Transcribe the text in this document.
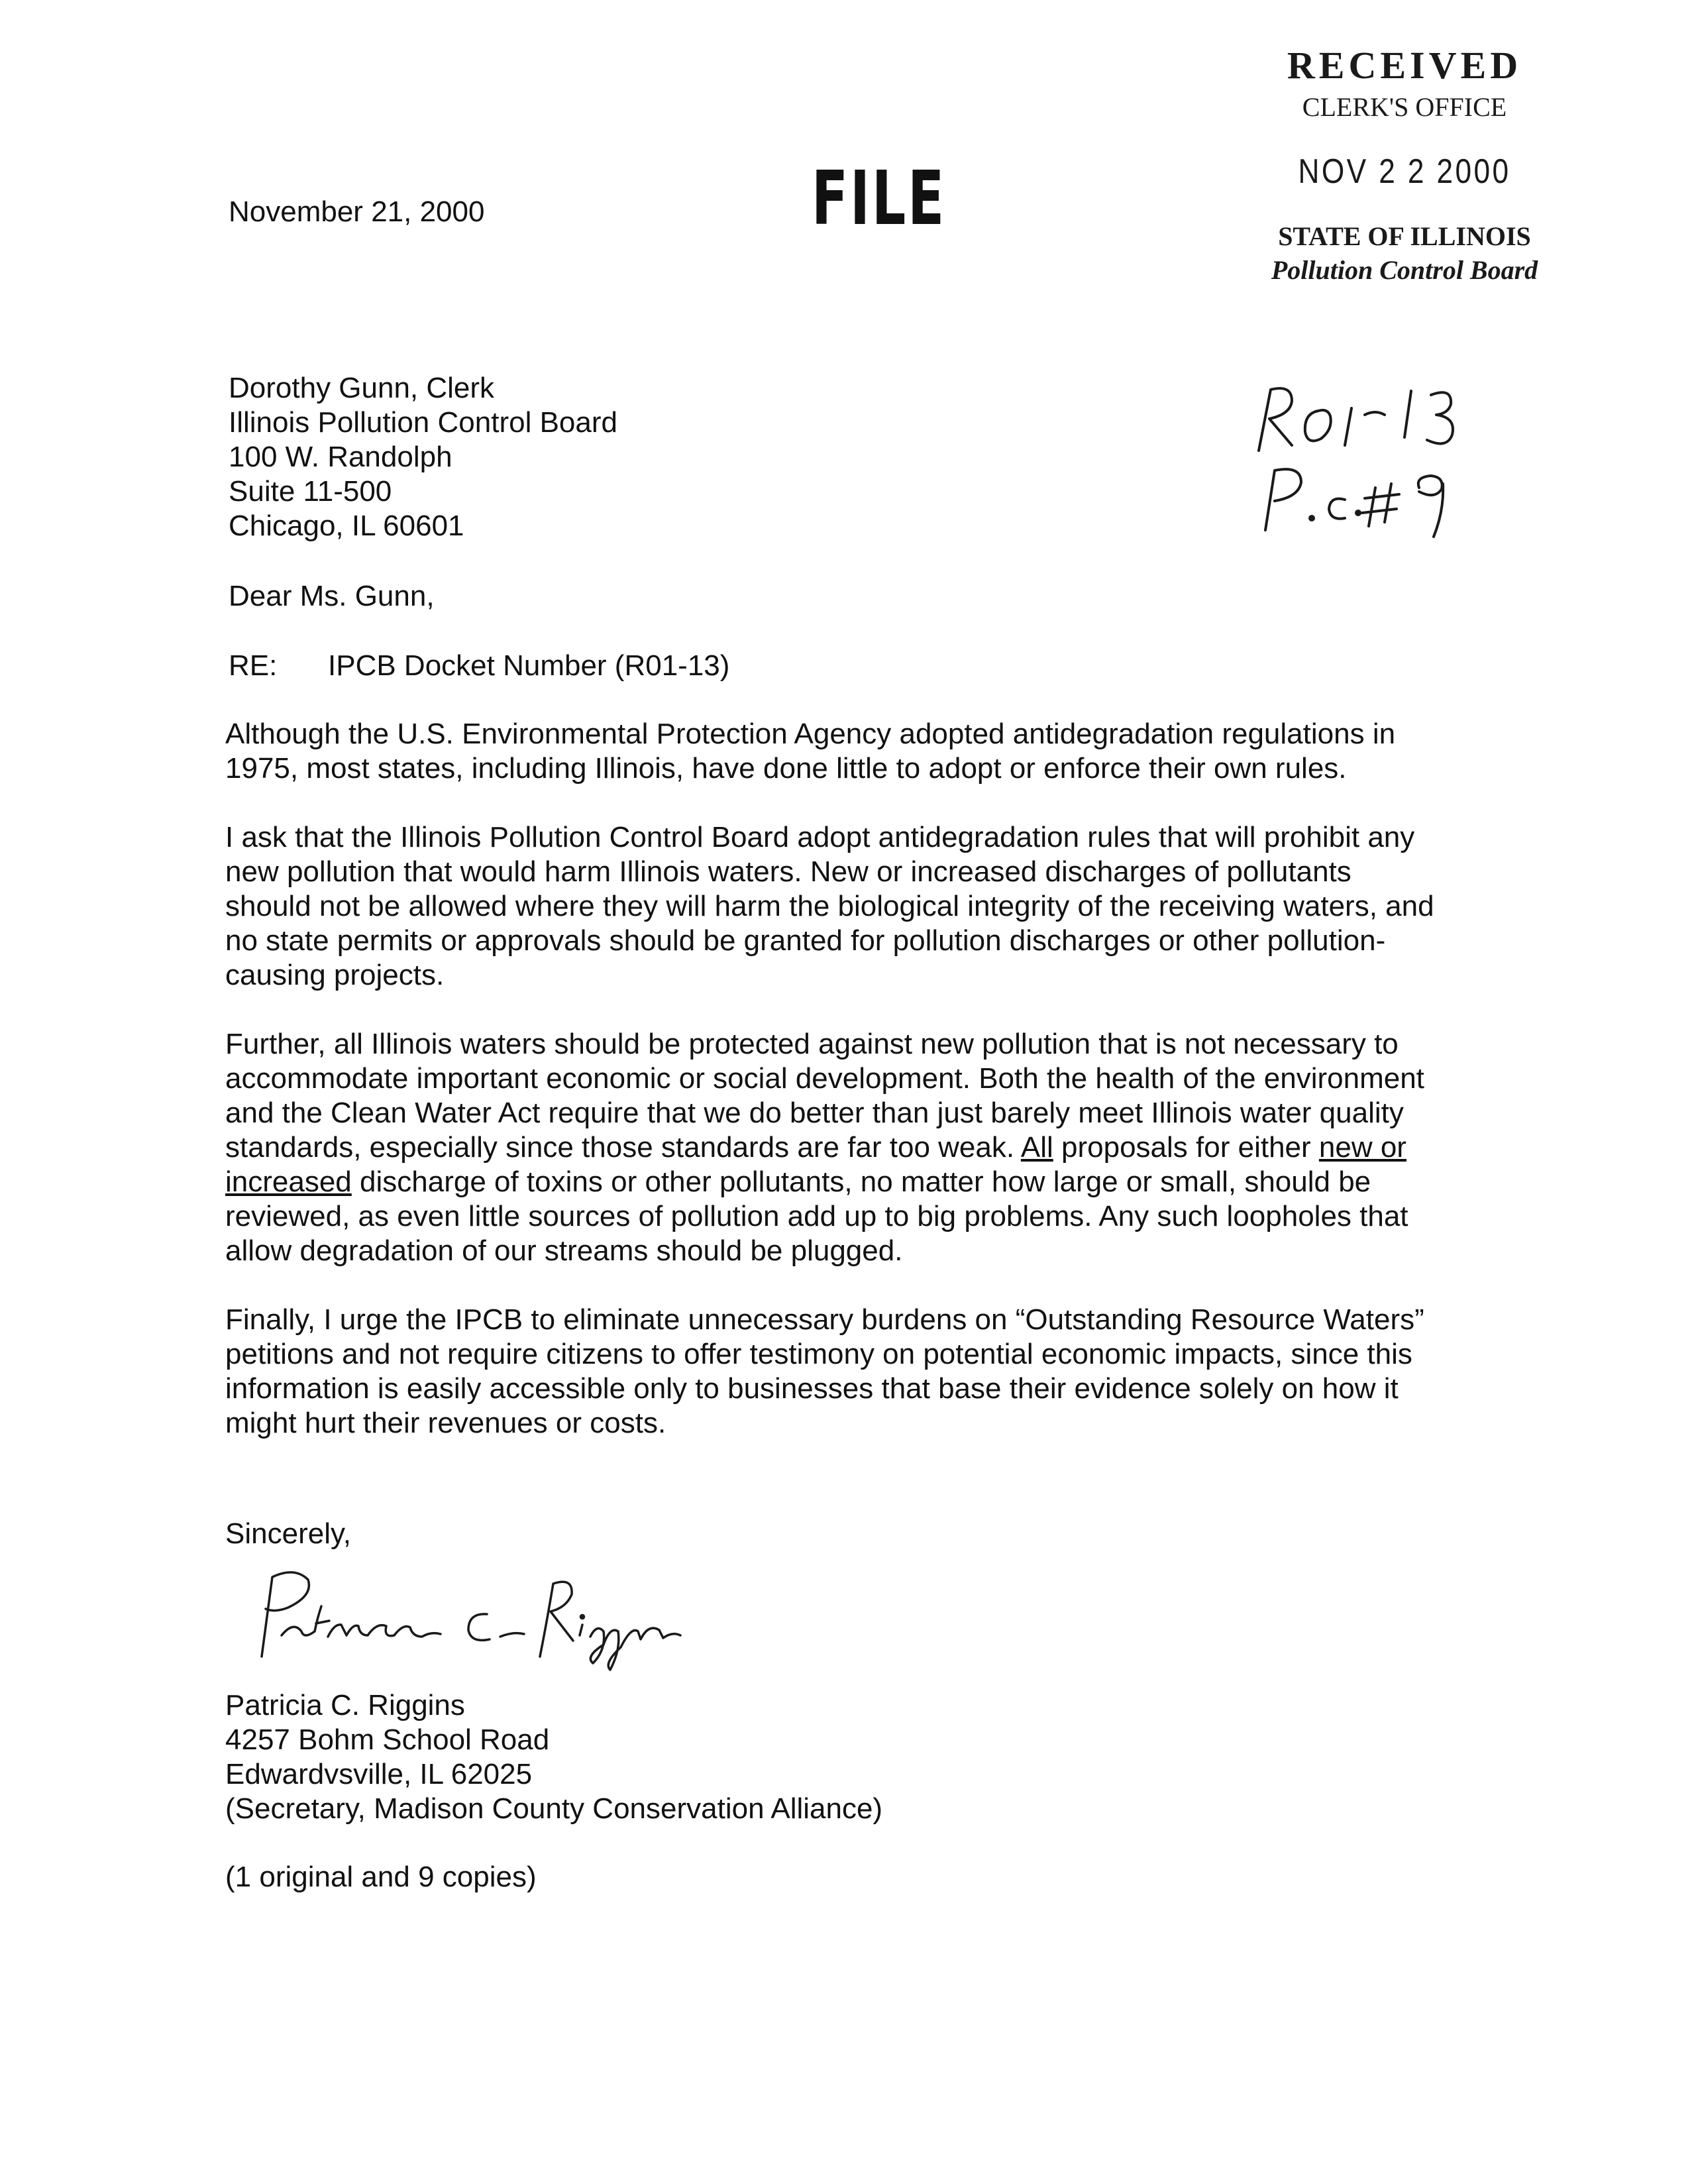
RECEIVED
CLERK'S OFFICE
NOV 2 2 2000
STATE OF ILLINOIS
Pollution Control Board
FILE
November 21, 2000
Dorothy Gunn, Clerk
Illinois Pollution Control Board
100 W. Randolph
Suite 11-500
Chicago, IL 60601
Dear Ms. Gunn,
RE: IPCB Docket Number (R01-13)

Although the U.S. Environmental Protection Agency adopted antidegradation regulations in 1975, most states, including Illinois, have done little to adopt or enforce their own rules.

I ask that the Illinois Pollution Control Board adopt antidegradation rules that will prohibit any new pollution that would harm Illinois waters. New or increased discharges of pollutants should not be allowed where they will harm the biological integrity of the receiving waters, and no state permits or approvals should be granted for pollution discharges or other pollution-causing projects.

Further, all Illinois waters should be protected against new pollution that is not necessary to accommodate important economic or social development. Both the health of the environment and the Clean Water Act require that we do better than just barely meet Illinois water quality standards, especially since those standards are far too weak. All proposals for either new or increased discharge of toxins or other pollutants, no matter how large or small, should be reviewed, as even little sources of pollution add up to big problems. Any such loopholes that allow degradation of our streams should be plugged.

Finally, I urge the IPCB to eliminate unnecessary burdens on “Outstanding Resource Waters” petitions and not require citizens to offer testimony on potential economic impacts, since this information is easily accessible only to businesses that base their evidence solely on how it might hurt their revenues or costs.

Sincerely,
Patricia C. Riggins
4257 Bohm School Road
Edwardvsville, IL 62025
(Secretary, Madison County Conservation Alliance)
(1 original and 9 copies)
